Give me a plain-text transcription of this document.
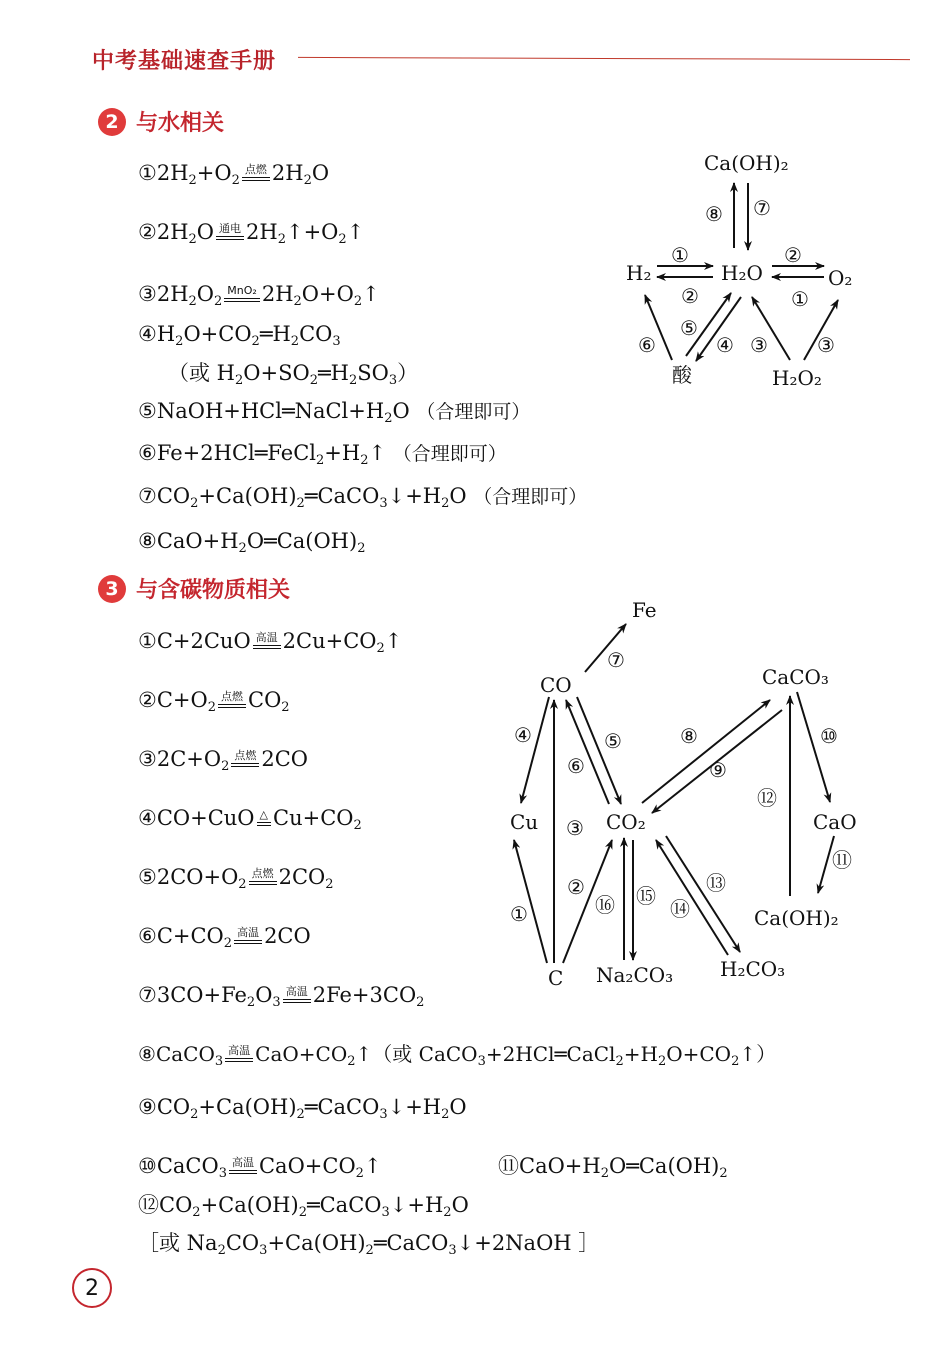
中考基础速查手册
2 与水相关
$①2H_2+O_2$
点燃 $2H_2O$
$②2H_2O$ 通电 $2H_2↑+O_2↑$
$③2H_2O_2$
MnO₂ $2H_2O+O_2↑$
$④H_2O+CO_2═H_2CO_3$
（或 $H_2O+SO_2═H_2SO_3$）
$⑤NaOH+HCl═NaCl+H_2O$ （合理即可）
$⑥Fe+2HCl═FeCl_2+H_2↑$ （合理即可）
$⑦CO_2+Ca(OH)_2═CaCO_3↓+H_2O$ （合理即可）
$⑧CaO+H_2O═Ca(OH)_2$
3 与含碳物质相关
①C+2CuO 高温 $2Cu+CO_2↑$
$②C+O_2$
点燃 $CO_2$
$③2C+O_2$
点燃 2CO
④CO+CuO △ $Cu+CO_2$
$⑤2CO+O_2$
点燃 $2CO_2$
$⑥C+CO_2$
高温 2CO
$⑦3CO+Fe_2O_3$
高温 $2Fe+3CO_2$
⑧CaCO$_3$
高温 $CaO+CO_2↑$（或 $CaCO_3+2HCl═CaCl_2+H_2O+CO_2↑$）
$⑨CO_2+Ca(OH)_2═CaCO_3↓+H_2O$
⑩CaCO$_3$
高温 $CaO+CO_2↑$	$⑪CaO+H_2O═Ca(OH)_2$
$⑫CO_2+Ca(OH)_2═CaCO_3↓+H_2O$
［或 $Na_2CO_3+Ca(OH)_2═CaCO_3↓+2NaOH$ ］
Ca(OH)₂
H₂	H₂O	O₂
酸	H₂O₂
⑧ ⑦
①
②
②
①
⑥
⑤
④ ③ ③
Fe
CO	CaCO₃
Cu	CO₂	CaO
Ca(OH)₂
C Na₂CO₃ H₂CO₃
⑦
④	⑤
⑥
⑧
⑨
⑩
③
⑫
⑪
②
①	⑯ ⑮
⑭
⑬
2
